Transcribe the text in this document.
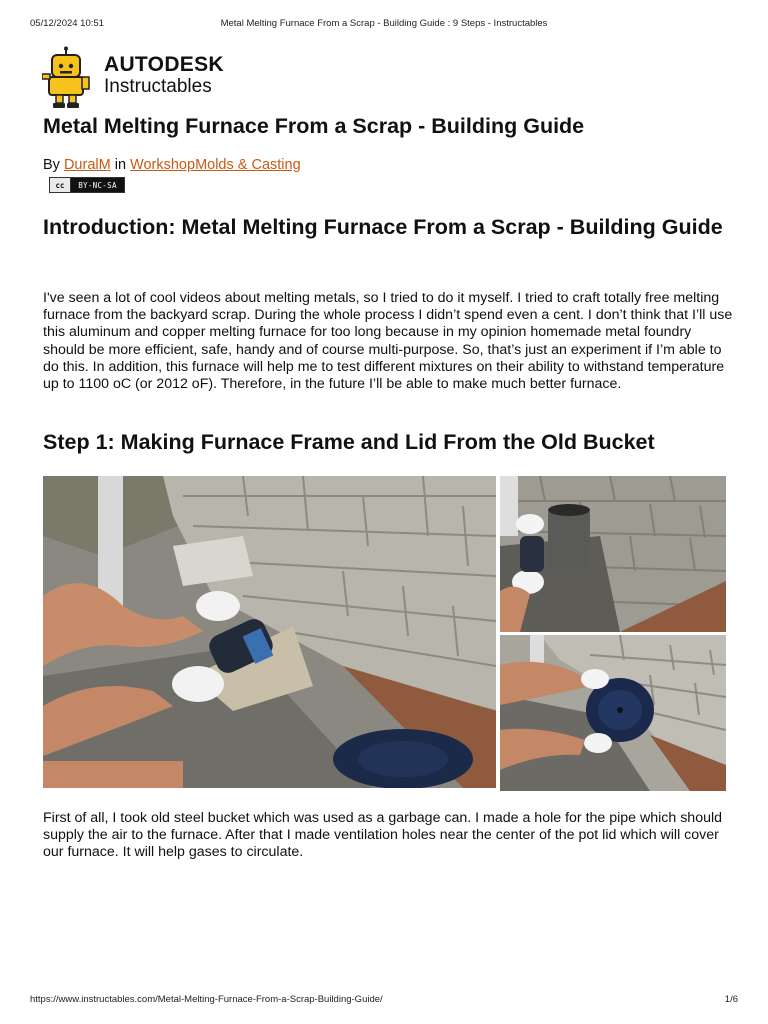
05/12/2024 10:51	Metal Melting Furnace From a Scrap - Building Guide : 9 Steps - Instructables
AUTODESK
Instructables
Metal Melting Furnace From a Scrap - Building Guide
By DuralM in WorkshopMolds & Casting
cc	BY-NC-SA
Introduction: Metal Melting Furnace From a Scrap - Building Guide

I've seen a lot of cool videos about melting metals, so I tried to do it myself. I tried to craft totally free melting furnace from the backyard scrap. During the whole process I didn’t spend even a cent. I don’t think that I’ll use this aluminum and copper melting furnace for too long because in my opinion homemade metal foundry should be more efficient, safe, handy and of course multi-purpose. So, that’s just an experiment if I’m able to do this. In addition, this furnace will help me to test different mixtures on their ability to withstand temperature up to 1100 oC (or 2012 oF). Therefore, in the future I’ll be able to make much better furnace.

Step 1: Making Furnace Frame and Lid From the Old Bucket

First of all, I took old steel bucket which was used as a garbage can. I made a hole for the pipe which should supply the air to the furnace. After that I made ventilation holes near the center of the pot lid which will cover our furnace. It will help gases to circulate.

https://www.instructables.com/Metal-Melting-Furnace-From-a-Scrap-Building-Guide/	1/6
